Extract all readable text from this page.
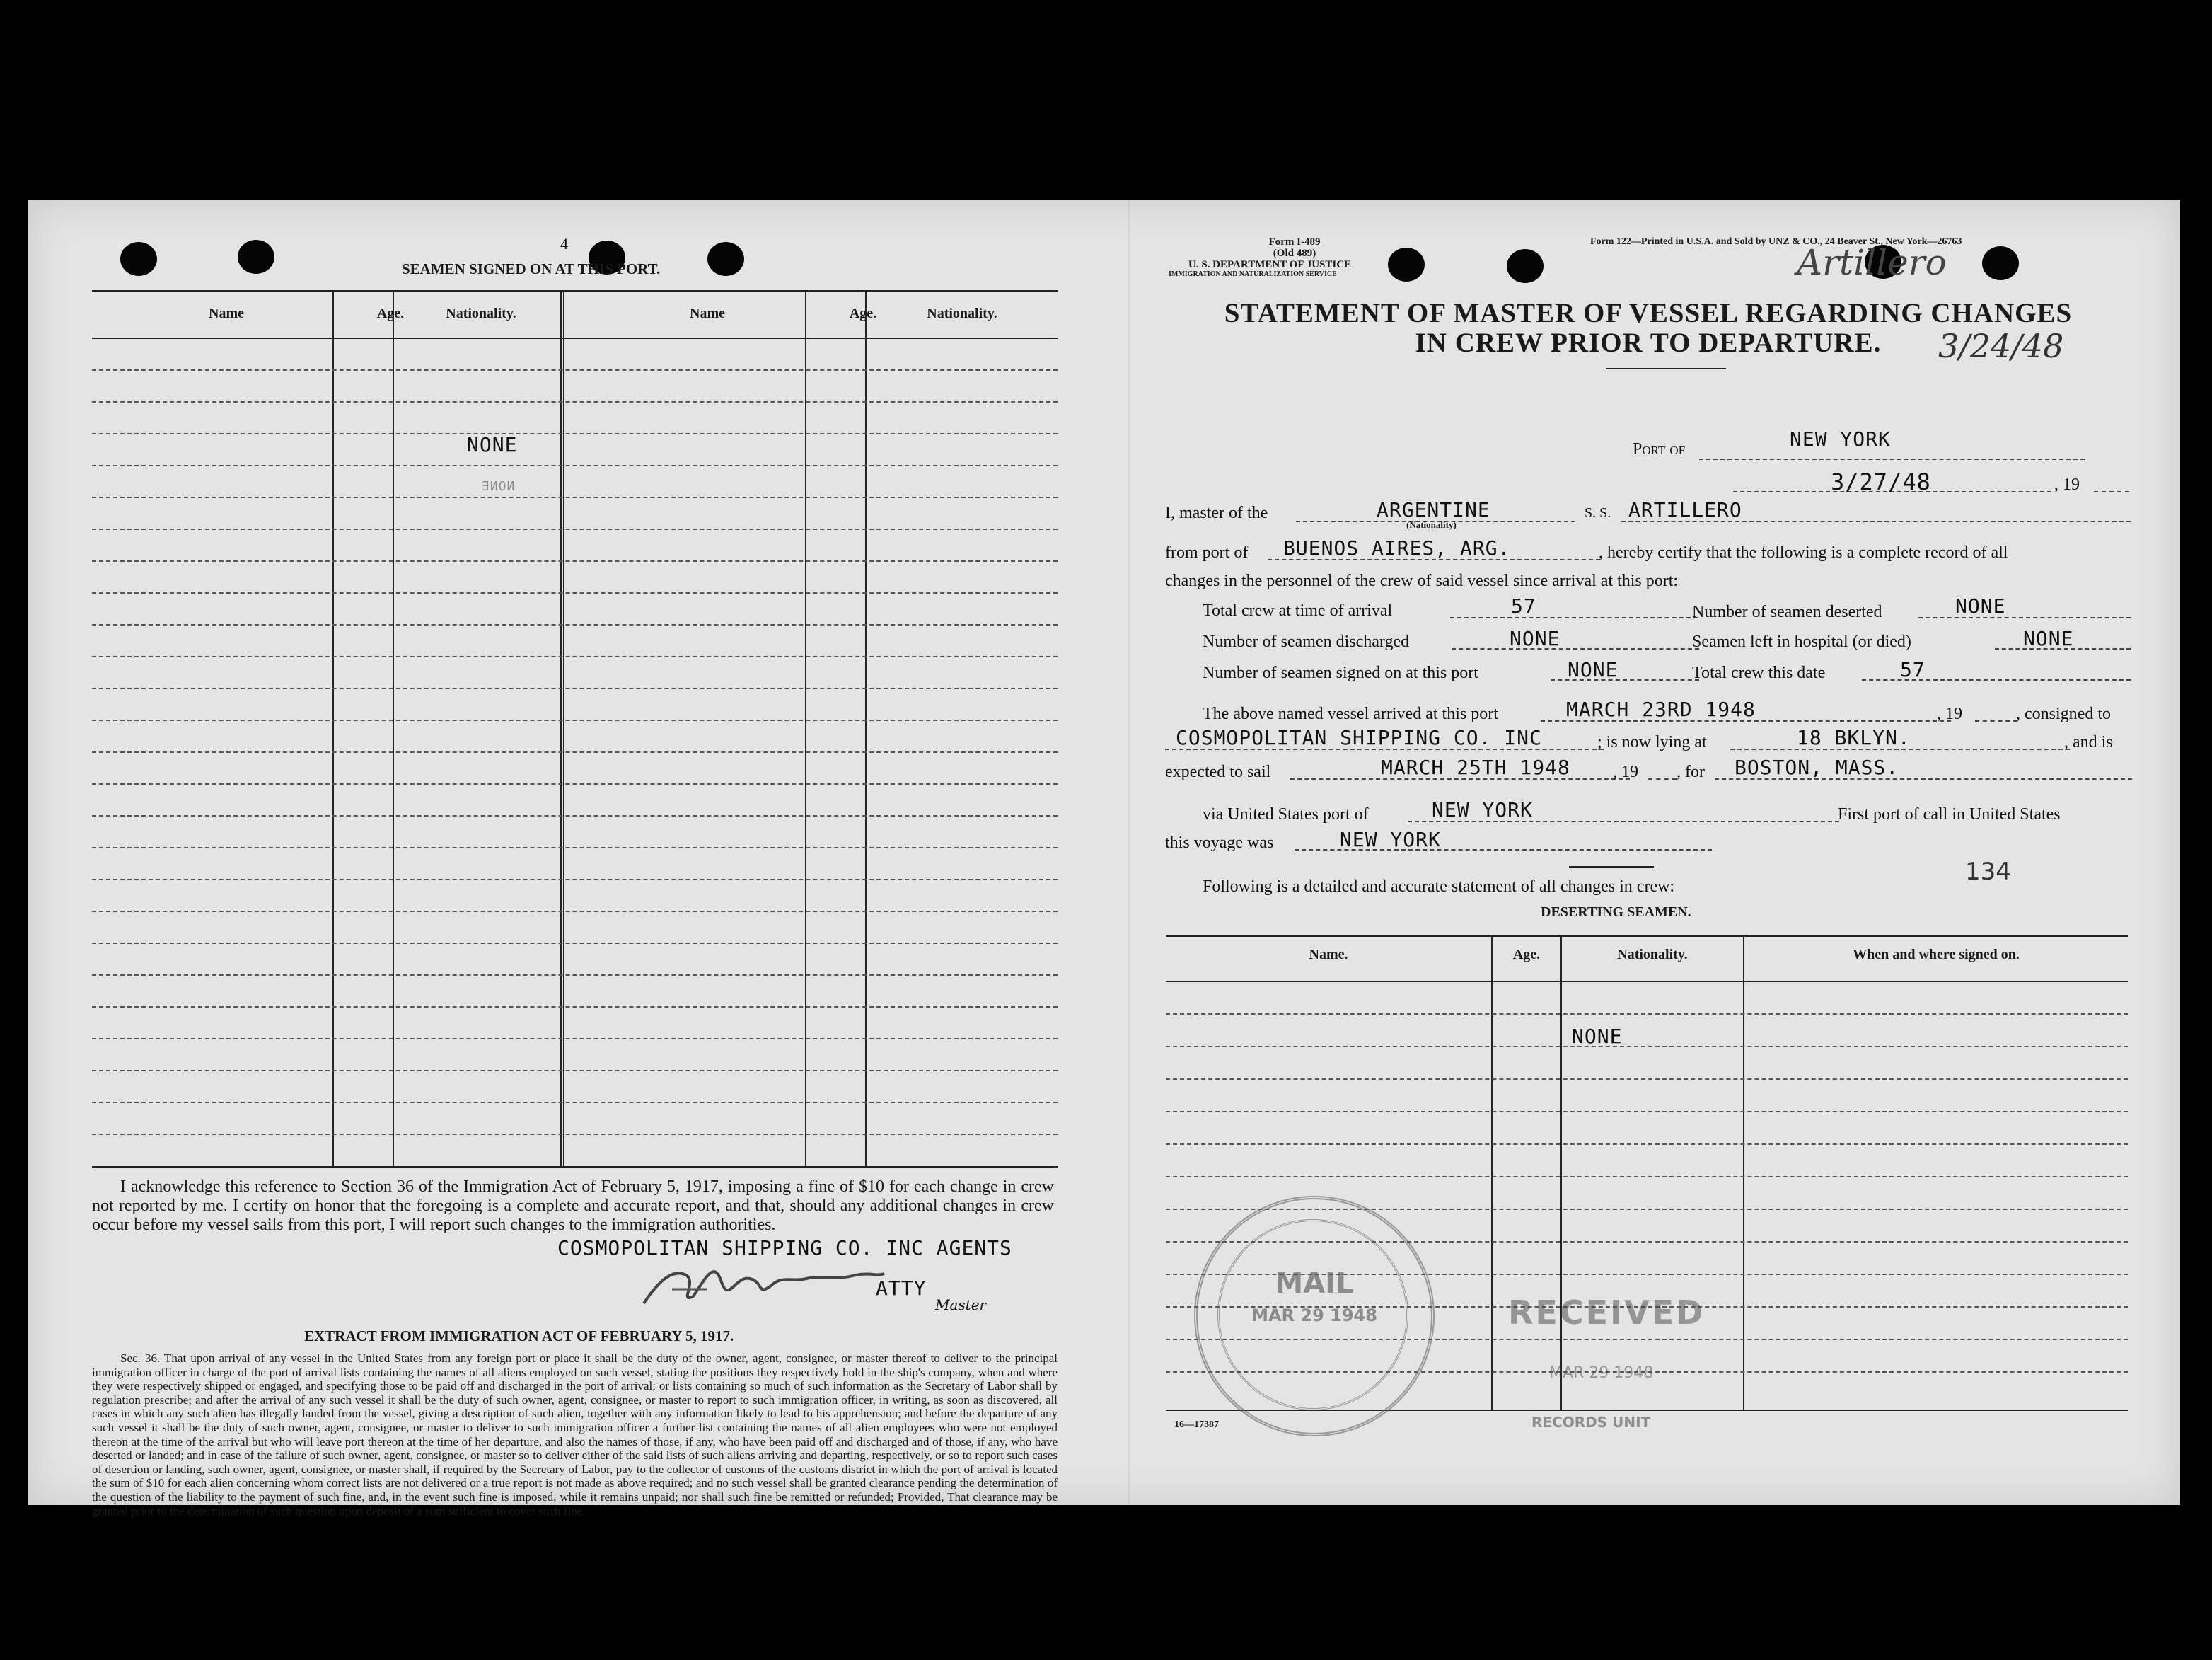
4
SEAMEN SIGNED ON AT THIS PORT.
Name	Age.	Nationality.	Name	Age.	Nationality.
NONE
NONE
I acknowledge this reference to Section 36 of the Immigration Act of February 5, 1917, imposing a fine of $10 for each change in crew not reported by me. I certify on honor that the foregoing is a complete and accurate report, and that, should any additional changes in crew occur before my vessel sails from this port, I will report such changes to the immigration authorities.
COSMOPOLITAN SHIPPING CO. INC AGENTS
ATTY
Master
EXTRACT FROM IMMIGRATION ACT OF FEBRUARY 5, 1917.
Sec. 36. That upon arrival of any vessel in the United States from any foreign port or place it shall be the duty of the owner, agent, consignee, or master thereof to deliver to the principal immigration officer in charge of the port of arrival lists containing the names of all aliens employed on such vessel, stating the positions they respectively hold in the ship's company, when and where they were respectively shipped or engaged, and specifying those to be paid off and discharged in the port of arrival; or lists containing so much of such information as the Secretary of Labor shall by regulation prescribe; and after the arrival of any such vessel it shall be the duty of such owner, agent, consignee, or master to report to such immigration officer, in writing, as soon as discovered, all cases in which any such alien has illegally landed from the vessel, giving a description of such alien, together with any information likely to lead to his apprehension; and before the departure of any such vessel it shall be the duty of such owner, agent, consignee, or master to deliver to such immigration officer a further list containing the names of all alien employees who were not employed thereon at the time of the arrival but who will leave port thereon at the time of her departure, and also the names of those, if any, who have been paid off and discharged and of those, if any, who have deserted or landed; and in case of the failure of such owner, agent, consignee, or master so to deliver either of the said lists of such aliens arriving and departing, respectively, or so to report such cases of desertion or landing, such owner, agent, consignee, or master shall, if required by the Secretary of Labor, pay to the collector of customs of the customs district in which the port of arrival is located the sum of $10 for each alien concerning whom correct lists are not delivered or a true report is not made as above required; and no such vessel shall be granted clearance pending the determination of the question of the liability to the payment of such fine, and, in the event such fine is imposed, while it remains unpaid; nor shall such fine be remitted or refunded; Provided, That clearance may be granted prior to the determination of such question upon deposit of a sum sufficient to cover such fine.
Form I-489
(Old 489)
U. S. DEPARTMENT OF JUSTICE
IMMIGRATION AND NATURALIZATION SERVICE
Form 122—Printed in U.S.A. and Sold by UNZ & CO., 24 Beaver St., New York—26763
Artillero
3/24/48
STATEMENT OF MASTER OF VESSEL REGARDING CHANGES
IN CREW PRIOR TO DEPARTURE.
Port of	NEW YORK
3/27/48	, 19
I, master of the	ARGENTINE
(Nationality)
S. S. ARTILLERO
from port of BUENOS AIRES, ARG.	, hereby certify that the following is a complete record of all
changes in the personnel of the crew of said vessel since arrival at this port:
Total crew at time of arrival	57	Number of seamen deserted	NONE
Number of seamen discharged	NONE	Seamen left in hospital (or died)	NONE
Number of seamen signed on at this port	NONE	Total crew this date	57
The above named vessel arrived at this port	MARCH 23RD 1948	, 19	, consigned to
COSMOPOLITAN SHIPPING CO. INC	; is now lying at	18 BKLYN.	, and is
expected to sail	MARCH 25TH 1948	, 19 , for BOSTON, MASS.
via United States port of	NEW YORK	First port of call in United States
this voyage was	NEW YORK
134
Following is a detailed and accurate statement of all changes in crew:
DESERTING SEAMEN.
Name.	Age.	Nationality.	When and where signed on.
NONE
MAIL
MAR 29 1948	RECEIVED
MAR 29 1948
RECORDS UNIT
16—17387
